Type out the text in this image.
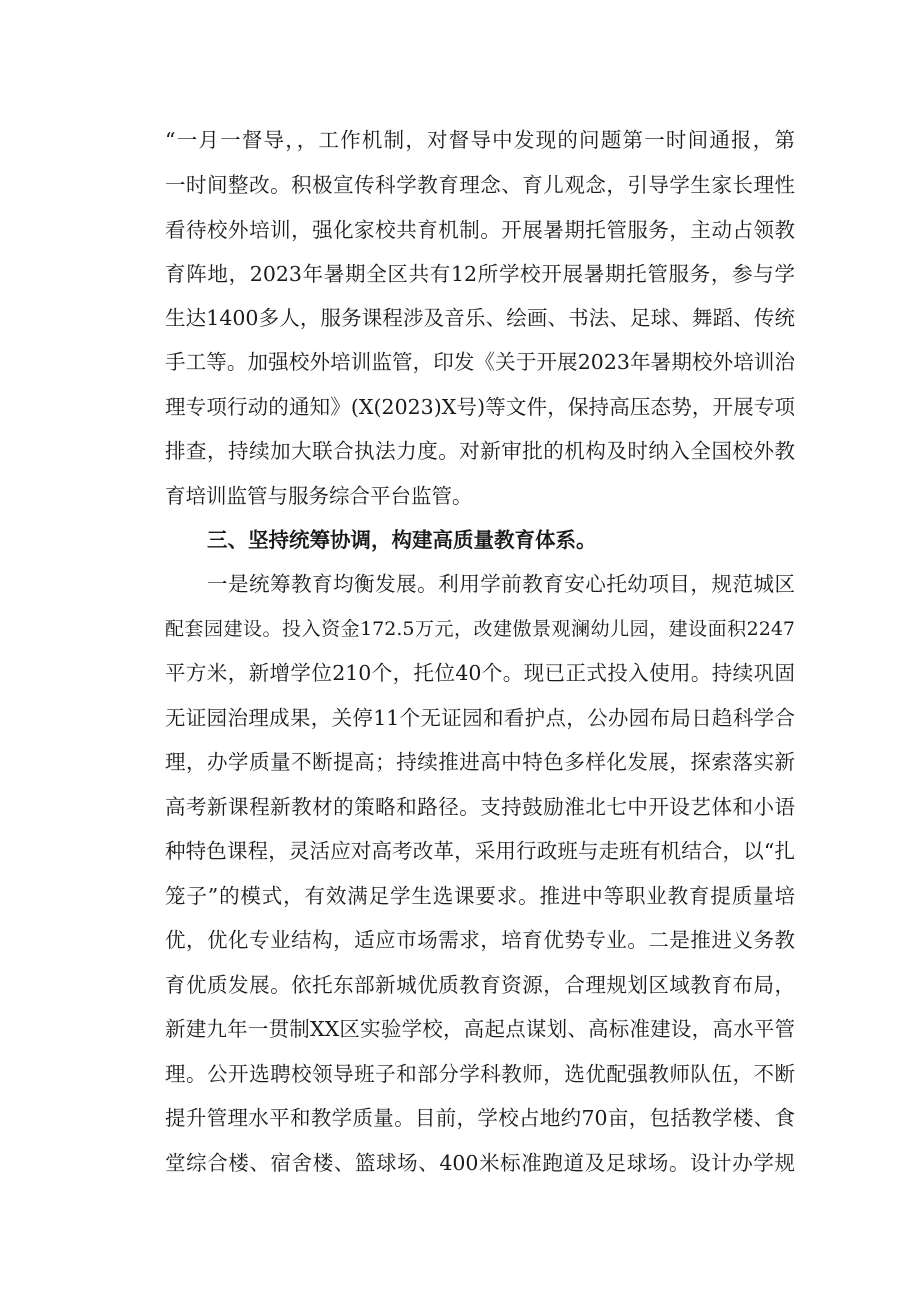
“一月一督导，，工作机制，对督导中发现的问题第一时间通报，第
一时间整改。积极宣传科学教育理念、育儿观念，引导学生家长理性
看待校外培训，强化家校共育机制。开展暑期托管服务，主动占领教
育阵地，2023年暑期全区共有12所学校开展暑期托管服务，参与学
生达1400多人，服务课程涉及音乐、绘画、书法、足球、舞蹈、传统
手工等。加强校外培训监管，印发《关于开展2023年暑期校外培训治
理专项行动的通知》(X(2023)X号)等文件，保持高压态势，开展专项
排查，持续加大联合执法力度。对新审批的机构及时纳入全国校外教
育培训监管与服务综合平台监管。
三、坚持统筹协调，构建高质量教育体系。
一是统筹教育均衡发展。利用学前教育安心托幼项目，规范城区
配套园建设。投入资金172.5万元，改建傲景观澜幼儿园，建设面积2247
平方米，新增学位210个，托位40个。现已正式投入使用。持续巩固
无证园治理成果，关停11个无证园和看护点，公办园布局日趋科学合
理，办学质量不断提高；持续推进高中特色多样化发展，探索落实新
高考新课程新教材的策略和路径。支持鼓励淮北七中开设艺体和小语
种特色课程，灵活应对高考改革，采用行政班与走班有机结合，以“扎
笼子”的模式，有效满足学生选课要求。推进中等职业教育提质量培
优，优化专业结构，适应市场需求，培育优势专业。二是推进义务教
育优质发展。依托东部新城优质教育资源，合理规划区域教育布局，
新建九年一贯制XX区实验学校，高起点谋划、高标准建设，高水平管
理。公开选聘校领导班子和部分学科教师，选优配强教师队伍，不断
提升管理水平和教学质量。目前，学校占地约70亩，包括教学楼、食
堂综合楼、宿舍楼、篮球场、400米标准跑道及足球场。设计办学规
